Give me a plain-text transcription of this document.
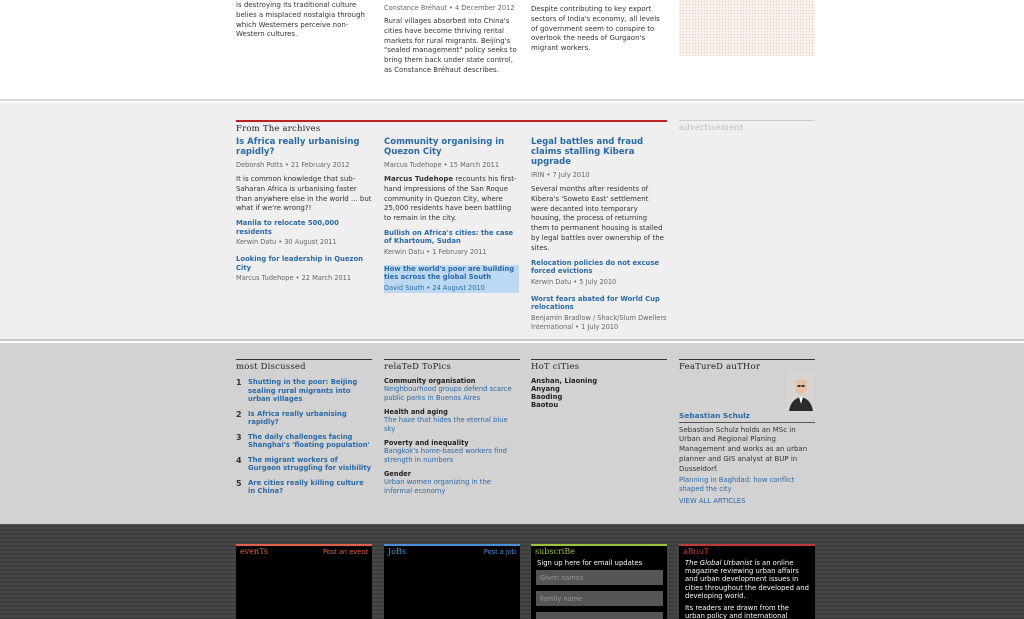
is destroying its traditional culture belies a misplaced nostalgia through which Westerners perceive non-Western cultures.

Constance Bréhaut • 4 December 2012

Rural villages absorbed into China's cities have become thriving rental markets for rural migrants. Beijing's "sealed management" policy seeks to bring them back under state control, as Constance Bréhaut describes.

Despite contributing to key export sectors of India's economy, all levels of government seem to conspire to overlook the needs of Gurgaon's migrant workers.

From The archives	advertisement
Is Africa really urbanising rapidly?
Deborah Potts • 21 February 2012

It is common knowledge that sub-Saharan Africa is urbanising faster than anywhere else in the world ... but what if we're wrong?!

Manila to relocate 500,000 residents
Kerwin Datu • 30 August 2011
Looking for leadership in Quezon City
Marcus Tudehope • 22 March 2011
Community organising in Quezon City
Marcus Tudehope • 15 March 2011

Marcus Tudehope recounts his first-hand impressions of the San Roque community in Quezon City, where 25,000 residents have been battling to remain in the city.

Bullish on Africa's cities: the case of Khartoum, Sudan
Kerwin Datu • 1 February 2011
How the world's poor are building ties across the global South
David South • 24 August 2010
Legal battles and fraud claims stalling Kibera upgrade
IRIN • 7 July 2010

Several months after residents of Kibera's 'Soweto East' settlement were decanted into temporary housing, the process of returning them to permanent housing is stalled by legal battles over ownership of the sites.

Relocation policies do not excuse forced evictions
Kerwin Datu • 5 July 2010
Worst fears abated for World Cup relocations
Benjamin Bradlow / Shack/Slum Dwellers International • 1 July 2010
most Discussed
1 Shutting in the poor: Beijing sealing rural migrants into urban villages
2 Is Africa really urbanising rapidly?
3 The daily challenges facing Shanghai's 'floating population'
4 The migrant workers of Gurgaon struggling for visibility
5 Are cities really killing culture in China?
relaTeD ToPics
Community organisation
Neighbourhood groups defend scarce public parks in Buenos Aires
Health and aging
The haze that hides the eternal blue sky
Poverty and inequality
Bangkok's home-based workers find strength in numbers
Gender
Urban women organizing in the informal economy
HoT ciTies
Anshan, Liaoning
Anyang
Baoding
Baotou
FeaTureD auTHor
Sebastian Schulz

Sebastian Schulz holds an MSc in Urban and Regional Planing Management and works as an urban planner and GIS analyst at BUP in Dusseldorf.

Planning in Baghdad: how conflict shaped the city
VIEW ALL ARTICLES
evenTs	Post an event	JoBs	Post a job	subscriBe
Sign up here for email updates
Given names
Family name
aBouT

The Global Urbanist is an online magazine reviewing urban affairs and urban development issues in cities throughout the developed and developing world.

Its readers are drawn from the urban policy and international
